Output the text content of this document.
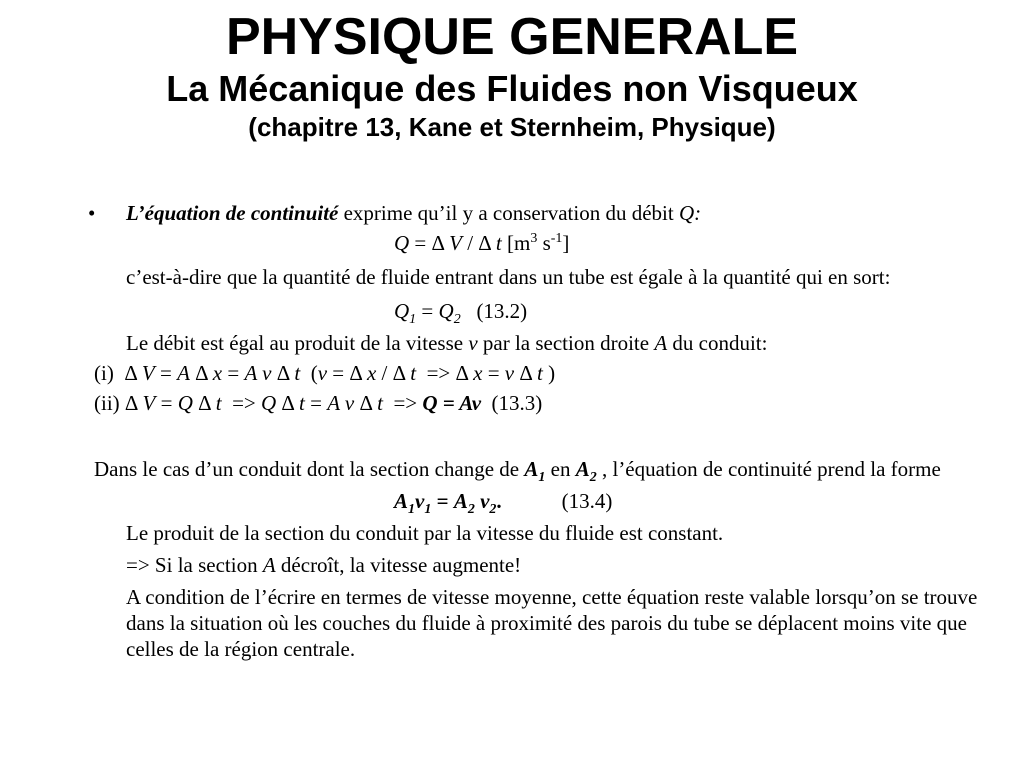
PHYSIQUE GENERALE
La Mécanique des Fluides non Visqueux
(chapitre 13, Kane et Sternheim, Physique)
• L’équation de continuité exprime qu’il y a conservation du débit Q:
Q = Δ V / Δ t [$m^3$ $s^{-1}$]
c’est-à-dire que la quantité de fluide entrant dans un tube est égale à la quantité qui en sort:
$Q_1 = Q_2$   (13.2)
Le débit est égal au produit de la vitesse v par la section droite A du conduit:
(i)  Δ V = A Δ x = A v Δ t  (v = Δ x / Δ t  => Δ x = v Δ t )
(ii) Δ V = Q Δ t  => Q Δ t = A v Δ t  => Q = Av  (13.3)
Dans le cas d’un conduit dont la section change de $A_1$ en $A_2$ , l’équation de continuité prend la forme
$A_1v_1 = A_2$ $v_2$.	(13.4)
Le produit de la section du conduit par la vitesse du fluide est constant.
=> Si la section A décroît, la vitesse augmente!
A condition de l’écrire en termes de vitesse moyenne, cette équation reste valable lorsqu’on se trouve dans la situation où les couches du fluide à proximité des parois du tube se déplacent moins vite que celles de la région centrale.
